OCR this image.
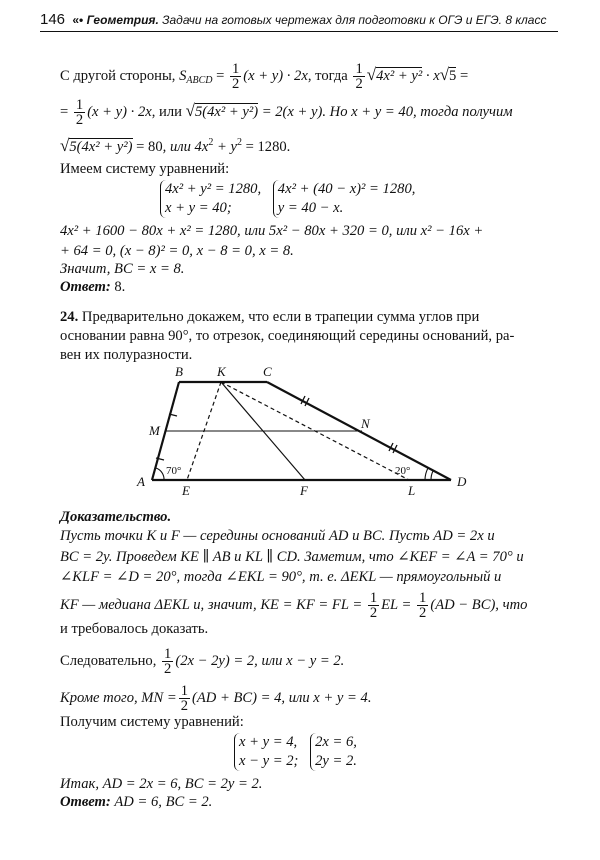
146 «• Геометрия. Задачи на готовых чертежах для подготовки к ОГЭ и ЕГЭ. 8 класс
С другой стороны, $S_{ABCD} = \frac{1}{2} (x + y) \cdot 2x$, тогда $\frac{1}{2} √4x^2 + y^2 \cdot x√5$ =
= $\frac{1}{2} (x + y) \cdot 2x$, или √5(4x² + y²) = 2(x + y). Но x + y = 40, тогда получим
√5(4x² + y²) = 80, или $4x^2 + y^2 = 1280$.
Имеем систему уравнений:
4x² + y² = 1280,
x + y = 40;

4x² + (40 − x)² = 1280,
y = 40 − x.
4x² + 1600 − 80x + x² = 1280, или 5x² − 80x + 320 = 0, или x² − 16x +
+ 64 = 0, (x − 8)² = 0, x − 8 = 0, x = 8.
Значит, BC = x = 8.
Ответ: 8.
24. Предварительно докажем, что если в трапеции сумма углов при
основании равна 90°, то отрезок, соединяющий середины оснований, ра-
вен их полуразности.
A
B	K	C
M	N
E	F	L
D
70°	20°
Доказательство.
Пусть точки K и F — середины оснований AD и BC. Пусть AD = 2x и
BC = 2y. Проведем KE ∥ AB и KL ∥ CD. Заметим, что ∠KEF = ∠A = 70° и
∠KLF = ∠D = 20°, тогда ∠EKL = 90°, т. е. ΔEKL — прямоугольный и
KF — медиана ΔEKL и, значит, KE = KF = FL = $\frac{1}{2}$ EL = $\frac{1}{2} (AD - BC)$, что
и требовалось доказать.
Следовательно, $\frac{1}{2} (2x - 2y) = 2$, или x − y = 2.
Кроме того, MN = $\frac{1}{2} (AD + BC) = 4$, или x + y = 4.
Получим систему уравнений:
x + y = 4,
x − y = 2;

2x = 6,
2y = 2.
Итак, AD = 2x = 6, BC = 2y = 2.
Ответ: AD = 6, BC = 2.
